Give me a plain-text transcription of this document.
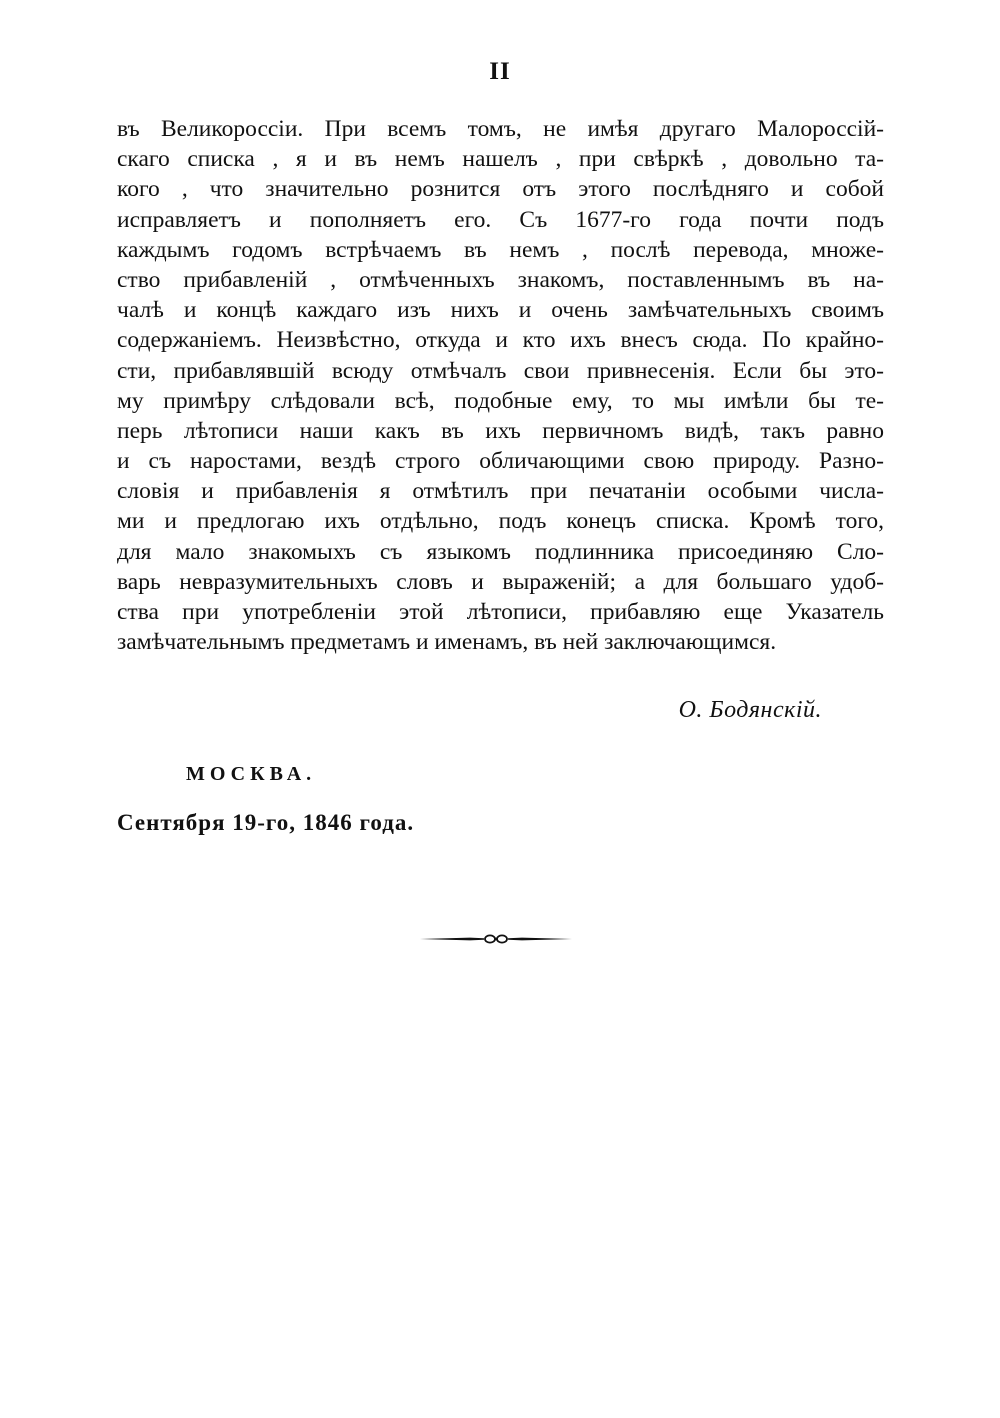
II
въ Великороссіи. При всемъ томъ, не имѣя другаго Малороссій-
скаго списка , я и въ немъ нашелъ , при свѣркѣ , довольно та-
кого , что значительно рознится отъ этого послѣдняго и собой
исправляетъ и пополняетъ его. Съ 1677-го года почти подъ
каждымъ годомъ встрѣчаемъ въ немъ , послѣ перевода, множе-
ство прибавленій , отмѣченныхъ знакомъ, поставленнымъ въ на-
чалѣ и концѣ каждаго изъ нихъ и очень замѣчательныхъ своимъ
содержаніемъ. Неизвѣстно, откуда и кто ихъ внесъ сюда. По крайно-
сти, прибавлявшій всюду отмѣчалъ свои привнесенія. Если бы это-
му примѣру слѣдовали всѣ, подобные ему, то мы имѣли бы те-
перь лѣтописи наши какъ въ ихъ первичномъ видѣ, такъ равно
и съ наростами, вездѣ строго обличающими свою природу. Разно-
словія и прибавленія я отмѣтилъ при печатаніи особыми числа-
ми и предлогаю ихъ отдѣльно, подъ конецъ списка. Кромѣ того,
для мало знакомыхъ съ языкомъ подлинника присоединяю Сло-
варь невразумительныхъ словъ и выраженій; а для большаго удоб-
ства при употребленіи этой лѣтописи, прибавляю еще Указатель
замѣчательнымъ предметамъ и именамъ, въ ней заключающимся.
О. Бодянскій.
МОСКВА.
Сентября 19-го, 1846 года.
